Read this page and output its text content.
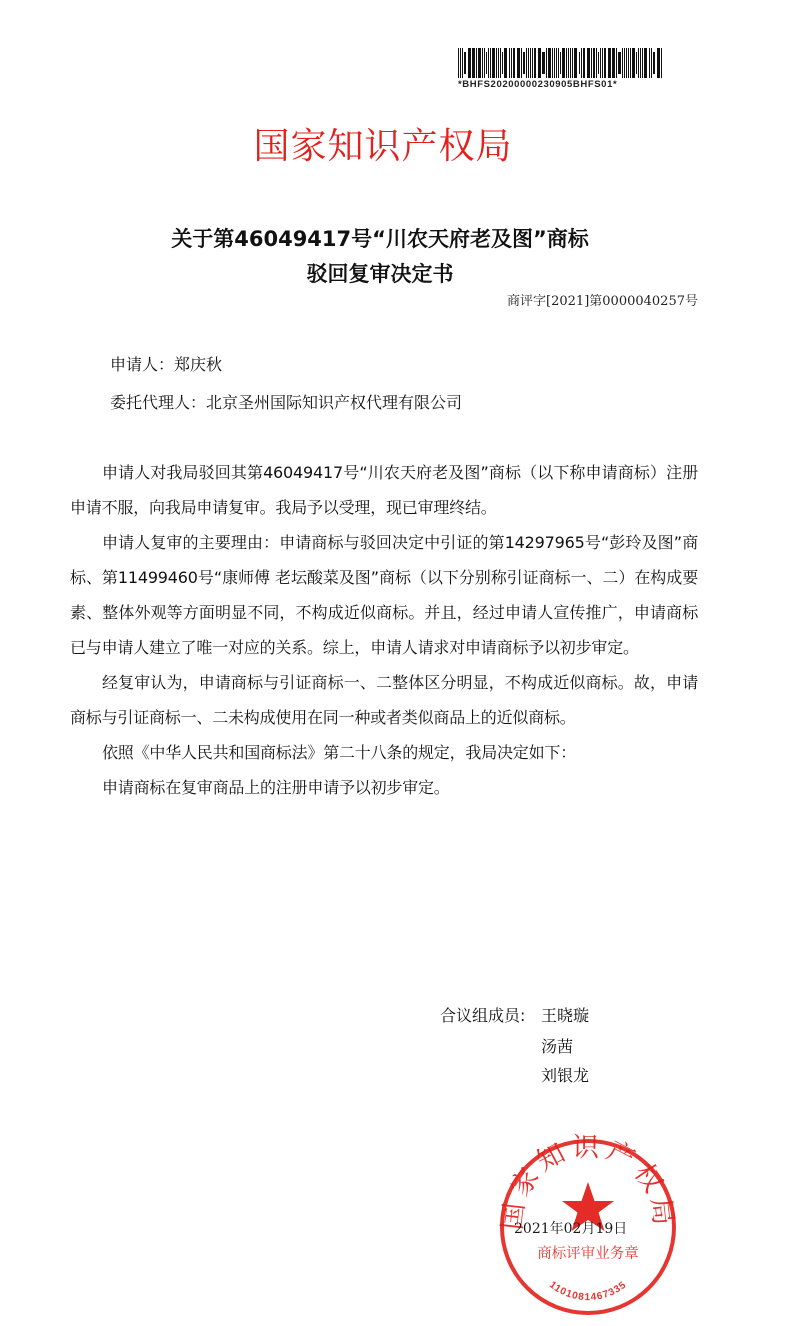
*BHFS20200000230905BHFS01*
国家知识产权局
关于第46049417号“川农天府老及图”商标
驳回复审决定书
商评字[2021]第0000040257号
申请人：郑庆秋
委托代理人：北京圣州国际知识产权代理有限公司

申请人对我局驳回其第46049417号“川农天府老及图”商标（以下称申请商标）注册申请不服，向我局申请复审。我局予以受理，现已审理终结。

申请人复审的主要理由：申请商标与驳回决定中引证的第14297965号“彭玲及图”商标、第11499460号“康师傅 老坛酸菜及图”商标（以下分别称引证商标一、二）在构成要素、整体外观等方面明显不同，不构成近似商标。并且，经过申请人宣传推广，申请商标已与申请人建立了唯一对应的关系。综上，申请人请求对申请商标予以初步审定。

经复审认为，申请商标与引证商标一、二整体区分明显，不构成近似商标。故，申请商标与引证商标一、二未构成使用在同一种或者类似商品上的近似商标。

依照《中华人民共和国商标法》第二十八条的规定，我局决定如下：

申请商标在复审商品上的注册申请予以初步审定。

合议组成员: 王晓璇
汤茜
刘银龙
国家知识产权局
商标评审业务章
1101081467335
2021年02月19日
